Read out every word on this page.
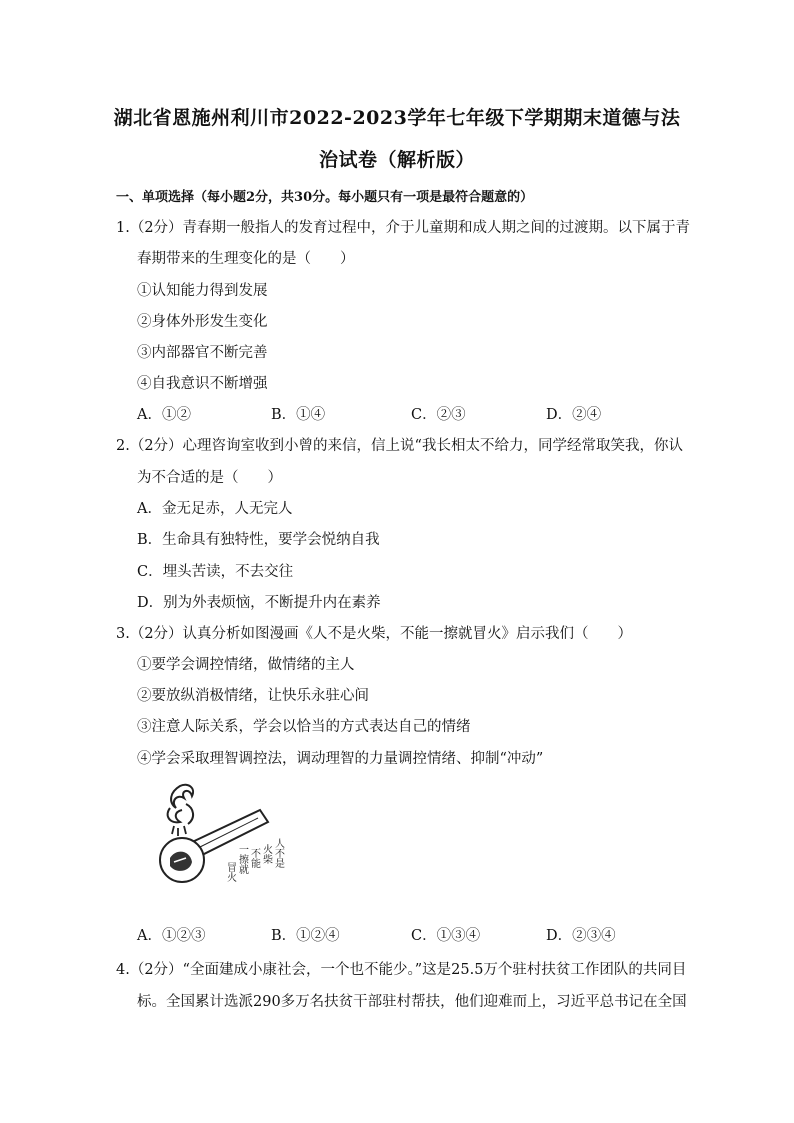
湖北省恩施州利川市2022-2023学年七年级下学期期末道德与法
治试卷（解析版）
一、单项选择（每小题2分，共30分。每小题只有一项是最符合题意的）
1.（2分）青春期一般指人的发育过程中，介于儿童期和成人期之间的过渡期。以下属于青
春期带来的生理变化的是（　　）
①认知能力得到发展
②身体外形发生变化
③内部器官不断完善
④自我意识不断增强
A．①②	B．①④	C．②③	D．②④
2.（2分）心理咨询室收到小曾的来信，信上说“我长相太不给力，同学经常取笑我，你认
为不合适的是（　　）
A．金无足赤，人无完人
B．生命具有独特性，要学会悦纳自我
C．埋头苦读，不去交往
D．别为外表烦恼，不断提升内在素养
3.（2分）认真分析如图漫画《人不是火柴，不能一擦就冒火》启示我们（　　）
①要学会调控情绪，做情绪的主人
②要放纵消极情绪，让快乐永驻心间
③注意人际关系，学会以恰当的方式表达自己的情绪
④学会采取理智调控法，调动理智的力量调控情绪、抑制“冲动”
人不是
火柴
不能
一擦就
冒火
A．①②③	B．①②④	C．①③④	D．②③④
4.（2分）“全面建成小康社会，一个也不能少。”这是25.5万个驻村扶贫工作团队的共同目
标。全国累计选派290多万名扶贫干部驻村帮扶，他们迎难而上，习近平总书记在全国
